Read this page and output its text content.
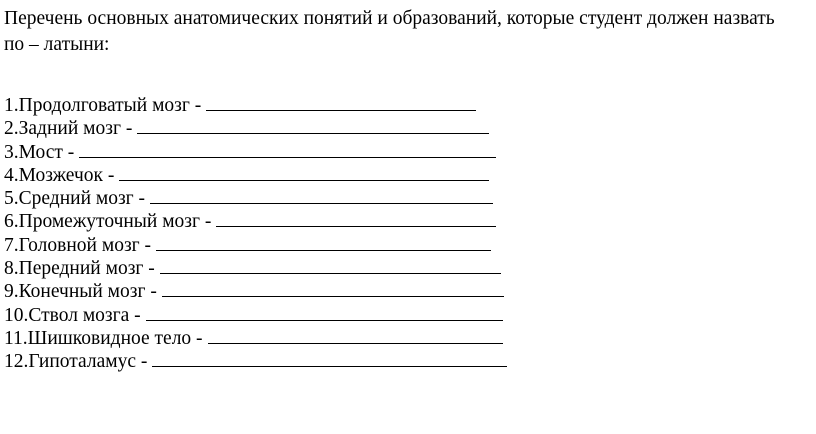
Перечень основных анатомических понятий и образований, которые студент должен назвать по – латыни:

1.Продолговатый мозг -
2.Задний мозг -
3.Мост -
4.Мозжечок -
5.Средний мозг -
6.Промежуточный мозг -
7.Головной мозг -
8.Передний мозг -
9.Конечный мозг -
10.Ствол мозга -
11.Шишковидное тело -
12.Гипоталамус -
